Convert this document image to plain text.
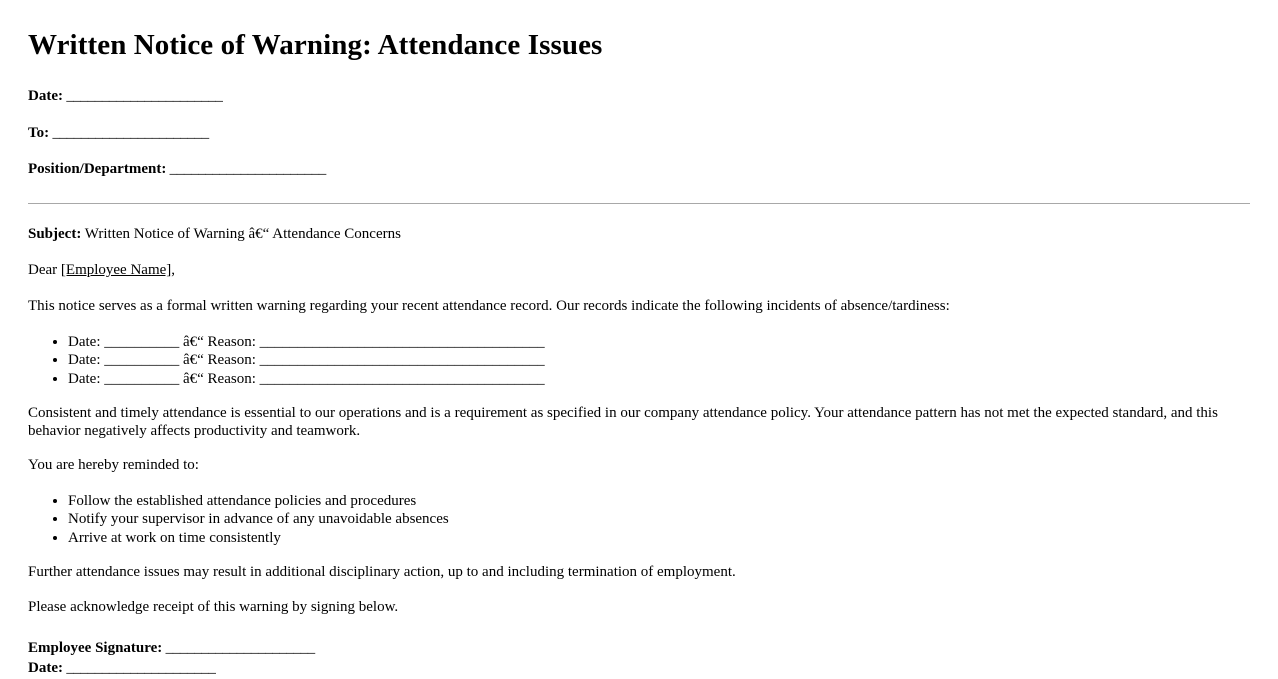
Written Notice of Warning: Attendance Issues
Date: ______________________
To: ______________________
Position/Department: ______________________

Subject: Written Notice of Warning â€“ Attendance Concerns

Dear [Employee Name],

This notice serves as a formal written warning regarding your recent attendance record. Our records indicate the following incidents of absence/tardiness:

• Date: __________ â€“ Reason: ______________________________________
• Date: __________ â€“ Reason: ______________________________________
• Date: __________ â€“ Reason: ______________________________________

Consistent and timely attendance is essential to our operations and is a requirement as specified in our company attendance policy. Your attendance pattern has not met the expected standard, and this behavior negatively affects productivity and teamwork.

You are hereby reminded to:

• Follow the established attendance policies and procedures
• Notify your supervisor in advance of any unavoidable absences
• Arrive at work on time consistently

Further attendance issues may result in additional disciplinary action, up to and including termination of employment.

Please acknowledge receipt of this warning by signing below.

Employee Signature: _____________________
Date: _____________________
